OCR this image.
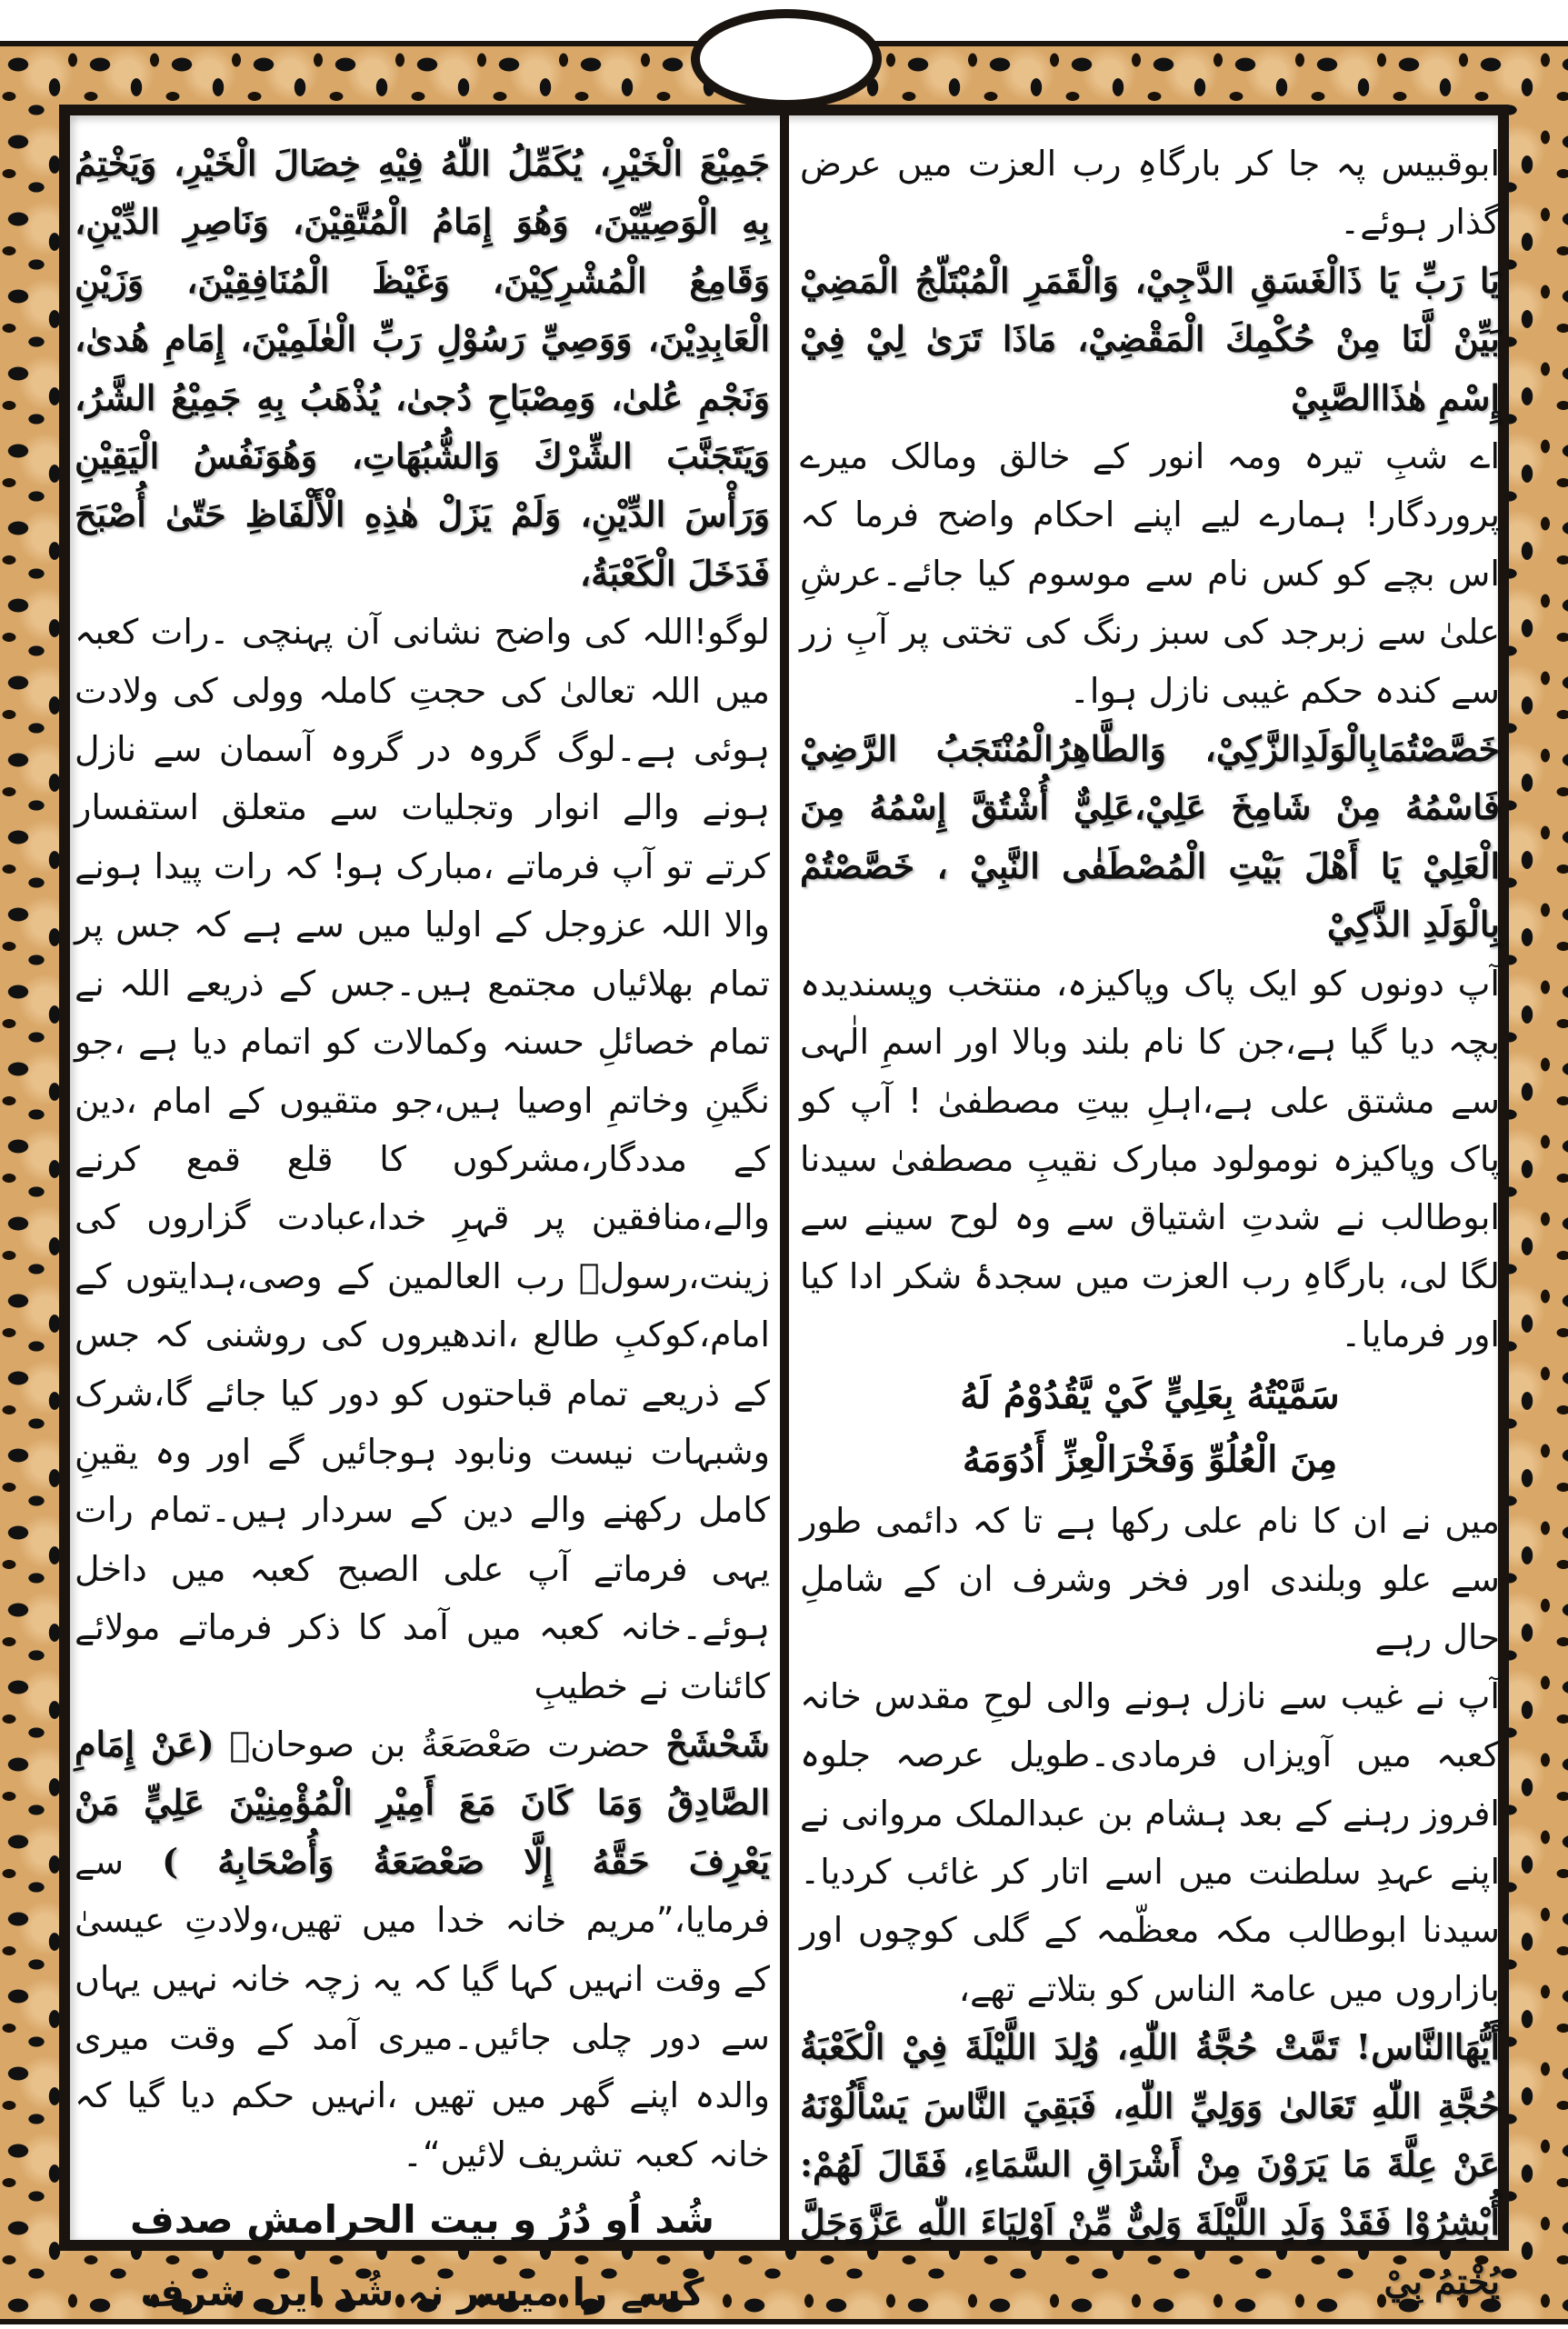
ابوقبیس پہ جا کر بارگاہِ رب العزت میں عرض گذار ہوئے۔

یَا رَبِّ یَا ذَالْغَسَقِ الدَّجِيْ، وَالْقَمَرِ الْمُبْتَلّجُ الْمَضِيْ بَیِّنْ لَّنَا مِنْ حُکْمِكَ الْمَقْضِيْ، مَاذَا تَرَىٰ لِيْ فِيْ إِسْمِ هٰذَاالصَّبِيْ

اے شبِ تیرہ ومہ انور کے خالق ومالک میرے پروردگار! ہمارے لیے اپنے احکام واضح فرما کہ اس بچے کو کس نام سے موسوم کیا جائے۔عرشِ علیٰ سے زبرجد کی سبز رنگ کی تختی پر آبِ زر سے کندہ حکم غیبی نازل ہوا۔

خَصَّصْتُمَابِالْوَلَدِالزَّكِيْ، وَالطَّاهِرُالْمُنْتَجَبُ الرَّضِيْ فَاسْمُهُ مِنْ شَامِخَ عَلِيْ،عَلِيٌّ أُشْتُقَّ إِسْمُهُ مِنَ الْعَلِيْ يَا أَهْلَ بَيْتِ الْمُصْطَفٰى النَّبِيْ ، خَصَّصْتُمْ بِالْوَلَدِ الذَّكِيْ

آپ دونوں کو ایک پاک وپاکیزہ، منتخب وپسندیدہ بچہ دیا گیا ہے،جن کا نام بلند وبالا اور اسمِ الٰہی سے مشتق علی ہے،اہلِ بیتِ مصطفیٰ ! آپ کو پاک وپاکیزہ نومولود مبارک نقیبِ مصطفیٰ سیدنا ابوطالب نے شدتِ اشتیاق سے وہ لوح سینے سے لگا لی، بارگاہِ رب العزت میں سجدۂ شکر ادا کیا اور فرمایا۔

سَمَّيْتُهُ بِعَلِيٍّ كَيْ يَّقُدُوْمُ لَهُ

مِنَ الْعُلُوِّ وَفَخْرَالْعِزِّ أَدُوَمَهُ

میں نے ان کا نام علی رکھا ہے تا کہ دائمی طور سے علو وبلندی اور فخر وشرف ان کے شاملِ حال رہے

آپ نے غیب سے نازل ہونے والی لوحِ مقدس خانہ کعبہ میں آویزاں فرمادی۔طویل عرصہ جلوہ افروز رہنے کے بعد ہشام بن عبدالملک مروانی نے اپنے عہدِ سلطنت میں اسے اتار کر غائب کردیا۔سیدنا ابوطالب مکہ معظّمہ کے گلی کوچوں اور بازاروں میں عامۃ الناس کو بتلاتے تھے،

أَيُّهَاالنَّاس! تَمَّتْ حُجَّةُ اللّٰهِ، وُلِدَ اللَّيْلَةَ فِيْ الْكَعْبَةُ حُجَّةِ اللّٰهِ تَعَالىٰ وَوَلِيِّ اللّٰهِ، فَبَقِيَ النَّاسَ يَسْأَلُوْنَهُ عَنْ عِلَّةَ مَا يَرَوْنَ مِنْ أَشْرَاقِ السَّمَاءِ، فَقَالَ لَهُمْ: أُبْشِرُوْا فَقَدْ وَلَدِ اللَّيْلَةَ وَلِيٌّ مِّنْ اَوْلِيَاءَ اللّٰهِ عَزَّوَجَلَّ يُخْتِمُ بِيْ

جَمِيْعَ الْخَيْرِ، يُكَمِّلُ اللّٰهُ فِيْهِ خِصَالَ الْخَيْرِ، وَيَخْتِمُ بِهِ الْوَصِيِّيْنَ، وَهُوَ إِمَامُ الْمُتَّقِيْنَ، وَنَاصِرِ الدِّيْنِ، وَقَامِعُ الْمُشْرِكِيْنَ، وَغَيْظَ الْمُنَافِقِيْنَ، وَزَيْنِ الْعَابِدِيْنَ، وَوَصِيِّ رَسُوْلِ رَبِّ الْعٰلَمِيْنَ، إِمَامِ هُدىٰ، وَنَجْمِ عُلىٰ، وَمِصْبَاحِ دُجىٰ، يُذْهَبُ بِهِ جَمِيْعُ الشَّرُ، وَيَتَجَنَّبَ الشِّرْكَ وَالشُّبُهَاتِ، وَهُوَنَفُسُ الْيَقِيْنِ وَرَأْسَ الدِّيْنِ، وَلَمْ يَزَلْ هٰذِهِ الْأَلْفَاظِ حَتّىٰ أُصْبَحَ فَدَخَلَ الْكَعْبَةُ،

لوگو!اللہ کی واضح نشانی آن پہنچی ۔رات کعبہ میں اللہ تعالیٰ کی حجتِ کاملہ وولی کی ولادت ہوئی ہے۔لوگ گروہ در گروہ آسمان سے نازل ہونے والے انوار وتجلیات سے متعلق استفسار کرتے تو آپ فرماتے ،مبارک ہو! کہ رات پیدا ہونے والا اللہ عزوجل کے اولیا میں سے ہے کہ جس پر تمام بھلائیاں مجتمع ہیں۔جس کے ذریعے اللہ نے تمام خصائلِ حسنہ وکمالات کو اتمام دیا ہے ،جو نگینِ وخاتمِ اوصیا ہیں،جو متقیوں کے امام ،دین کے مددگار،مشرکوں کا قلع قمع کرنے والے،منافقین پر قہرِ خدا،عبادت گزاروں کی زینت،رسولؐ رب العالمین کے وصی،ہدایتوں کے امام،کوکبِ طالع ،اندھیروں کی روشنی کہ جس کے ذریعے تمام قباحتوں کو دور کیا جائے گا،شرک وشبہات نیست ونابود ہوجائیں گے اور وہ یقینِ کامل رکھنے والے دین کے سردار ہیں۔تمام رات یہی فرماتے آپ علی الصبح کعبہ میں داخل ہوئے۔خانہ کعبہ میں آمد کا ذکر فرماتے مولائے کائنات نے خطیبِ

شَحْشَحْ حضرت صَعْصَعَةُ بن صوحانؓ (عَنْ إِمَامِ الصَّادِقُ وَمَا كَانَ مَعَ أَمِيْرِ الْمُؤْمِنِيْنَ عَلِيٍّ مَنْ يَعْرِفَ حَقَّهُ إِلَّا صَعْصَعَةُ وَأُصْحَابِهُ ) سے فرمایا،”مریم خانہ خدا میں تھیں،ولادتِ عیسیٰ کے وقت انہیں کہا گیا کہ یہ زچہ خانہ نہیں یہاں سے دور چلی جائیں۔میری آمد کے وقت میری والدہ اپنے گھر میں تھیں ،انہیں حکم دیا گیا کہ خانہ کعبہ تشریف لائیں“۔

شُد اُو دُرُ و بیت الحرامش صدف

کسے را میسر نہ شُد ایں شرف
